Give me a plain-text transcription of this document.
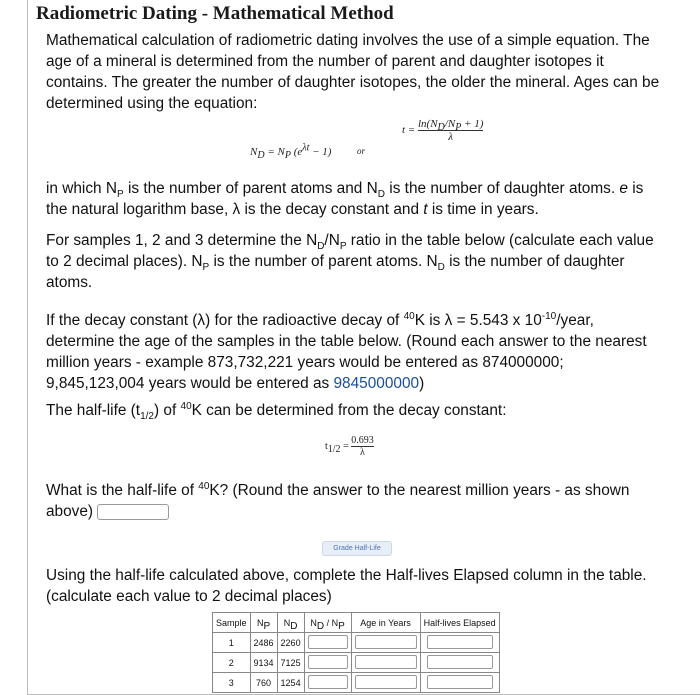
Radiometric Dating - Mathematical Method
Mathematical calculation of radiometric dating involves the use of a simple equation. The age of a mineral is determined from the number of parent and daughter isotopes it contains. The greater the number of daughter isotopes, the older the mineral. Ages can be determined using the equation:
$N_D = N_P$ $(e^{\lambda t} - 1)$	or
$t = \frac{\ln(N_D/N_P + 1)}{\lambda}$
in which $N_P$ is the number of parent atoms and $N_D$ is the number of daughter atoms. e is the natural logarithm base, λ is the decay constant and t is time in years.
For samples 1, 2 and 3 determine the $N_D/N_P$ ratio in the table below (calculate each value to 2 decimal places). $N_P$ is the number of parent atoms. $N_D$ is the number of daughter atoms.
If the decay constant (λ) for the radioactive decay of $^{40}$K is λ = 5.543 x $10^{-10}$/year, determine the age of the samples in the table below. (Round each answer to the nearest million years - example 873,732,221 years would be entered as 874000000; 9,845,123,004 years would be entered as 9845000000)
The half-life $(t_{1/2})$ of $^{40}$K can be determined from the decay constant:
$t_{1/2} = \frac{0.693}{\lambda}$
What is the half-life of $^{40}$K? (Round the answer to the nearest million years - as shown above)
Grade Half-Life
Using the half-life calculated above, complete the Half-lives Elapsed column in the table. (calculate each value to 2 decimal places)
Sample	$N_P$	$N_D$	$N_D / N_P$	Age in Years	Half-lives Elapsed
1	2486	2260			
2	9134	7125			
3	760	1254			
